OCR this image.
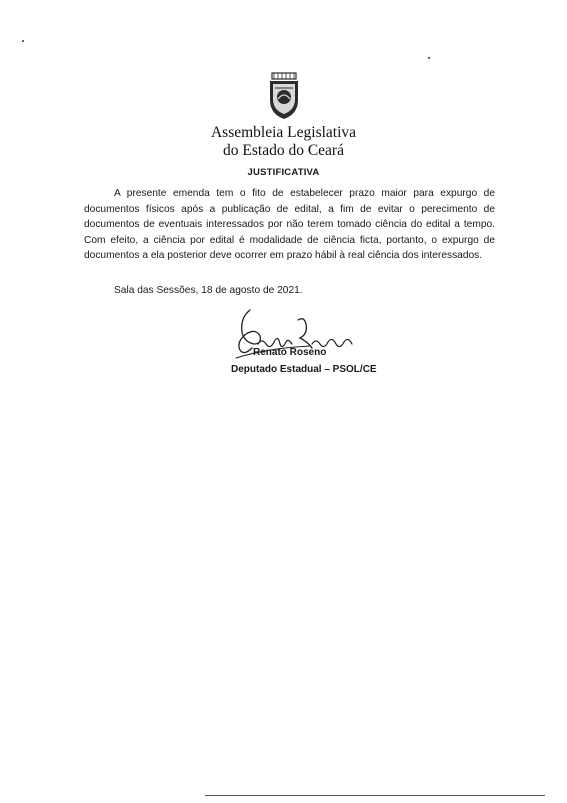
Assembleia Legislativa
do Estado do Ceará
JUSTIFICATIVA

A presente emenda tem o fito de estabelecer prazo maior para expurgo de documentos físicos após a publicação de edital, a fim de evitar o perecimento de documentos de eventuais interessados por não terem tomado ciência do edital a tempo. Com efeito, a ciência por edital é modalidade de ciência ficta, portanto, o expurgo de documentos a ela posterior deve ocorrer em prazo hábil à real ciência dos interessados.

Sala das Sessões, 18 de agosto de 2021.
Renato Roseno
Deputado Estadual – PSOL/CE
